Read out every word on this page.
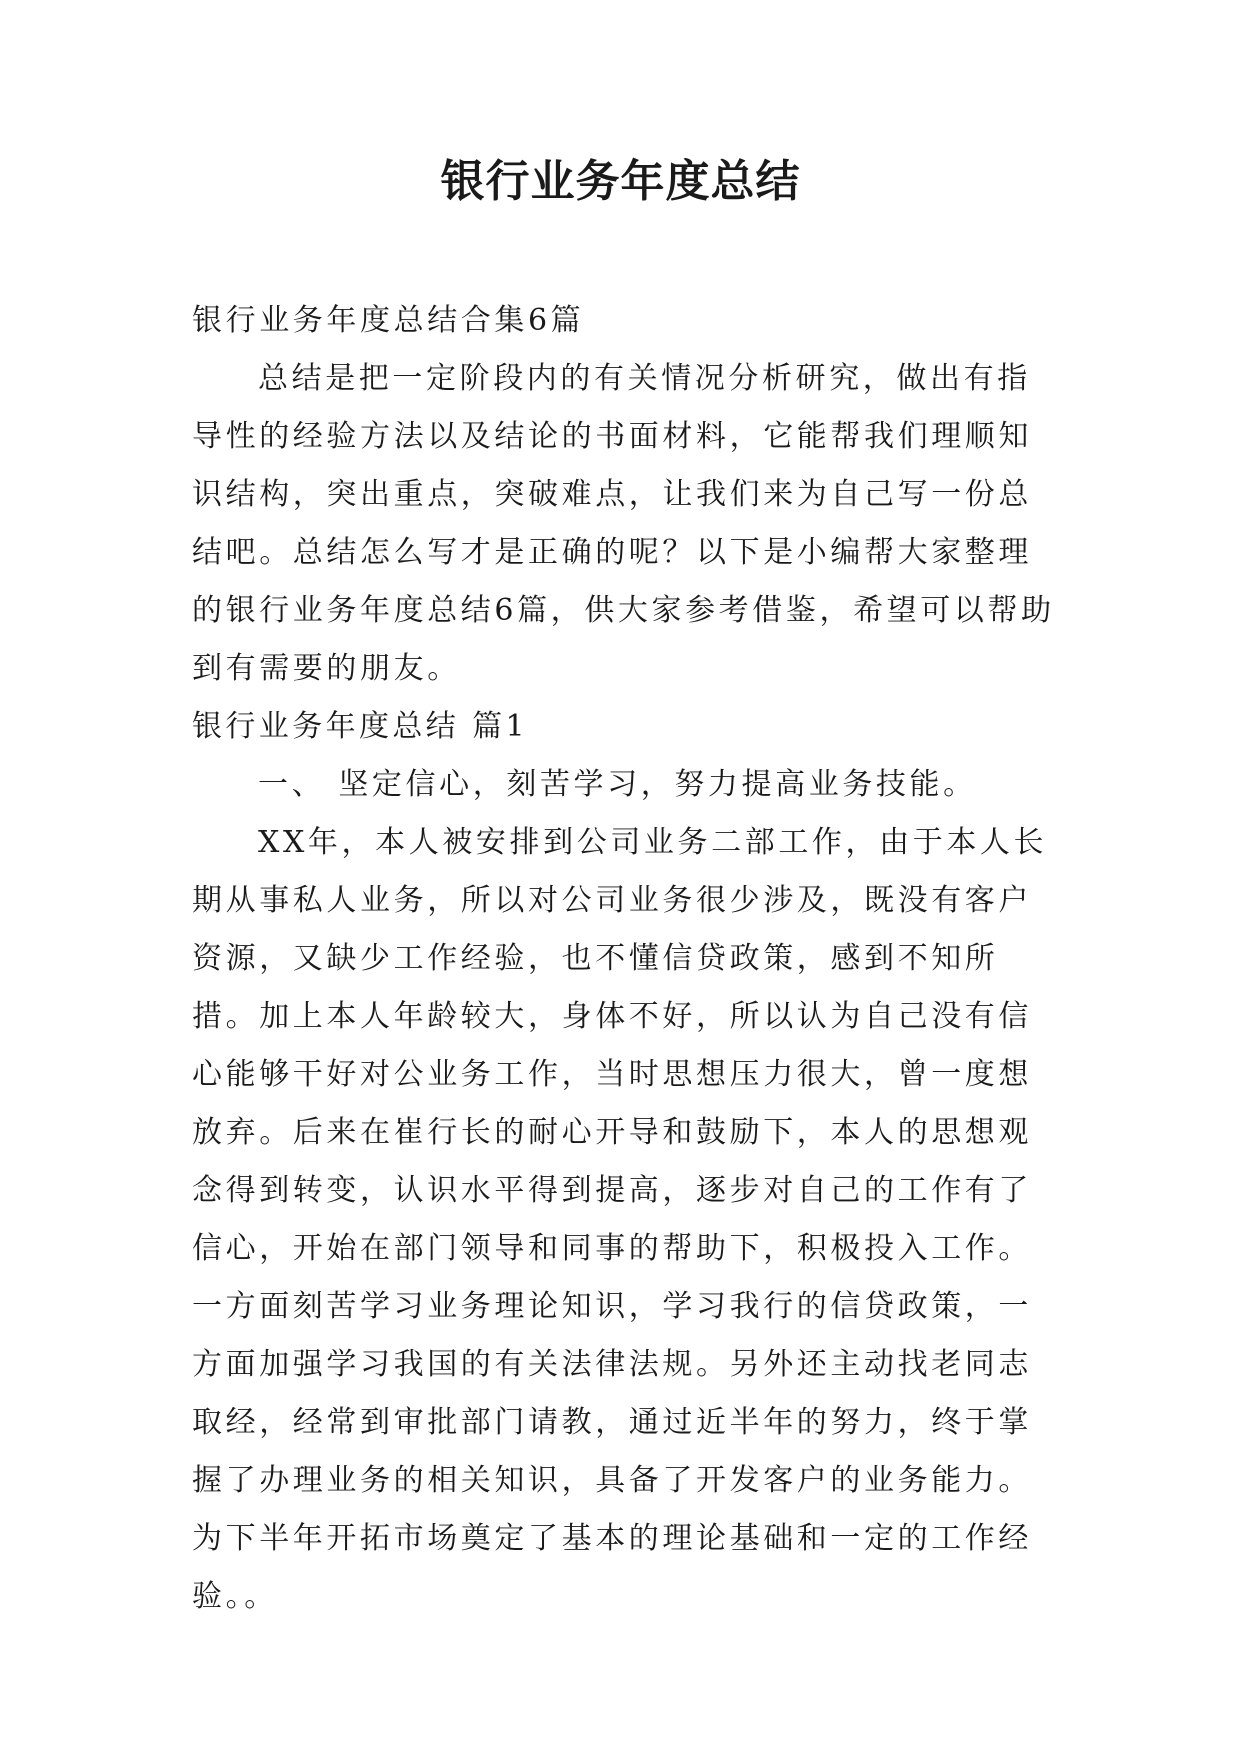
银行业务年度总结

银行业务年度总结合集6篇

总结是把一定阶段内的有关情况分析研究，做出有指导性的经验方法以及结论的书面材料，它能帮我们理顺知识结构，突出重点，突破难点，让我们来为自己写一份总结吧。总结怎么写才是正确的呢？以下是小编帮大家整理的银行业务年度总结6篇，供大家参考借鉴，希望可以帮助到有需要的朋友。

银行业务年度总结 篇1

一、 坚定信心，刻苦学习，努力提高业务技能。

XX年，本人被安排到公司业务二部工作，由于本人长期从事私人业务，所以对公司业务很少涉及，既没有客户资源，又缺少工作经验，也不懂信贷政策，感到不知所措。加上本人年龄较大，身体不好，所以认为自己没有信心能够干好对公业务工作，当时思想压力很大，曾一度想放弃。后来在崔行长的耐心开导和鼓励下，本人的思想观念得到转变，认识水平得到提高，逐步对自己的工作有了信心，开始在部门领导和同事的帮助下，积极投入工作。一方面刻苦学习业务理论知识，学习我行的信贷政策，一方面加强学习我国的有关法律法规。另外还主动找老同志取经，经常到审批部门请教，通过近半年的努力，终于掌握了办理业务的相关知识，具备了开发客户的业务能力。为下半年开拓市场奠定了基本的理论基础和一定的工作经验。。
